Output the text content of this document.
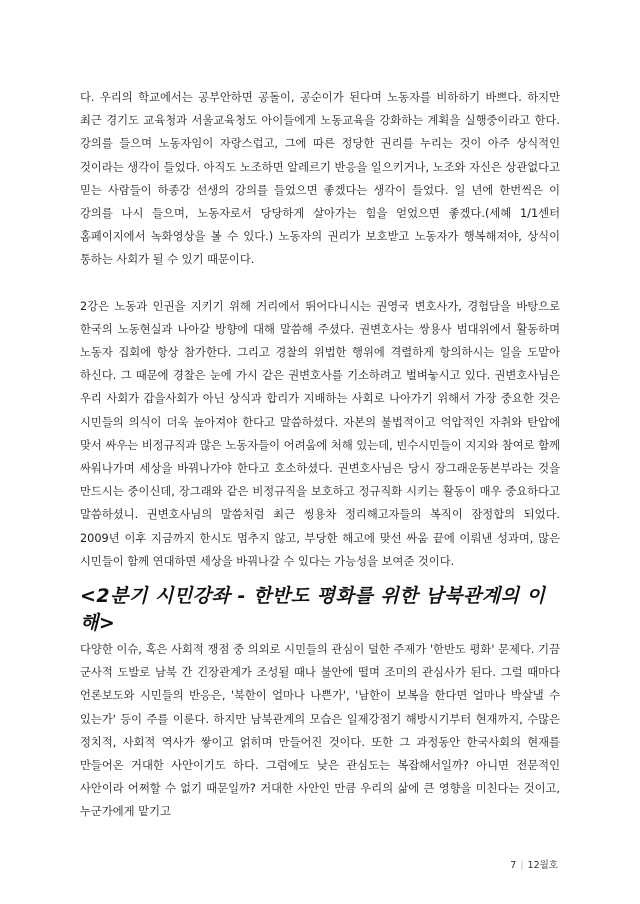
다. 우리의 학교에서는 공부안하면 공돌이, 공순이가 된다며 노동자를 비하하기 바쁘다. 하지만 최근 경기도 교육청과 서울교육청도 아이들에게 노동교육을 강화하는 계획을 실행중이라고 한다. 강의를 들으며 노동자임이 자랑스럽고, 그에 따른 정당한 권리를 누리는 것이 아주 상식적인 것이라는 생각이 들었다. 아직도 노조하면 알레르기 반응을 일으키거나, 노조와 자신은 상관없다고 믿는 사람들이 하종강 선생의 강의를 들었으면 좋겠다는 생각이 들었다. 일 년에 한번씩은 이 강의를 나시 들으며, 노동자로서 당당하게 살아가는 힘을 얻었으면 좋겠다.(세혜 1/1센터 홈페이지에서 녹화영상을 볼 수 있다.) 노동자의 권리가 보호받고 노동자가 행복해져야, 상식이 통하는 사회가 될 수 있기 때문이다.

2강은 노동과 인권을 지키기 위해 거리에서 뛰어다니시는 권영국 변호사가, 경험담을 바탕으로 한국의 노동현실과 나아갈 방향에 대해 말씀해 주셨다. 권변호사는 쌍용사 범대위에서 활동하며 노동자 집회에 항상 참가한다. 그리고 경찰의 위법한 행위에 격렬하게 항의하시는 일을 도맡아 하신다. 그 때문에 경찰은 눈에 가시 같은 권변호사를 기소하려고 벌벼눟시고 있다. 권변호사님은 우리 사회가 갑을사회가 아닌 상식과 합리가 지배하는 사회로 나아가기 위해서 가장 중요한 것은 시민들의 의식이 더욱 높아져야 한다고 말씀하셨다. 자본의 불법적이고 억압적인 자취와 탄압에 맞서 싸우는 비정규직과 많은 노동자들이 어려움에 처해 있는데, 빈수시민들이 지지와 참여로 함께 싸워나가며 세상을 바꿔나가야 한다고 호소하셨다. 권변호사님은 당시 장그래운동본부라는 것을 만드시는 중이신데, 장그래와 같은 비정규직을 보호하고 정규직화 시키는 활동이 매우 중요하다고 말씀하셨니. 권변호사님의 말씀처럼 최근 씽용차 정리해고자들의 복직이 잠정합의 되었다. 2009년 이후 지금까지 한시도 멈추지 않고, 부당한 해고에 맞선 싸움 끝에 이뤄낸 성과며, 많은 시민들이 함께 연대하면 세상을 바꿔나갈 수 있다는 가능성을 보여준 것이다.

<2분기 시민강좌 - 한반도 평화를 위한 남북관계의 이해>

다양한 이슈, 혹은 사회적 쟁점 중 의외로 시민들의 관심이 덜한 주제가 '한반도 평화' 문제다. 기끔 군사적 도발로 남북 간 긴장관계가 조성될 때나 불안에 떨며 조미의 관심사가 된다. 그럴 때마다 언론보도와 시민들의 반응은, '북한이 얼마나 나쁜가', '남한이 보복을 한다면 얼마나 박살낼 수 있는가' 등이 주를 이룬다. 하지만 남북관계의 모습은 일제강점기 해방시기부터 현재까지, 수많은 정치적, 사회적 역사가 쌓이고 얽히며 만들어진 것이다. 또한 그 과정동안 한국사회의 현재를 만들어온 거대한 사안이기도 하다. 그럼에도 낮은 관심도는 복잡해서일까? 아니면 전문적인 사안이라 어쩌할 수 없기 때문일까? 거대한 사안인 만큼 우리의 삶에 큰 영향을 미친다는 것이고, 누군가에게 맡기고

7 | 12월호
